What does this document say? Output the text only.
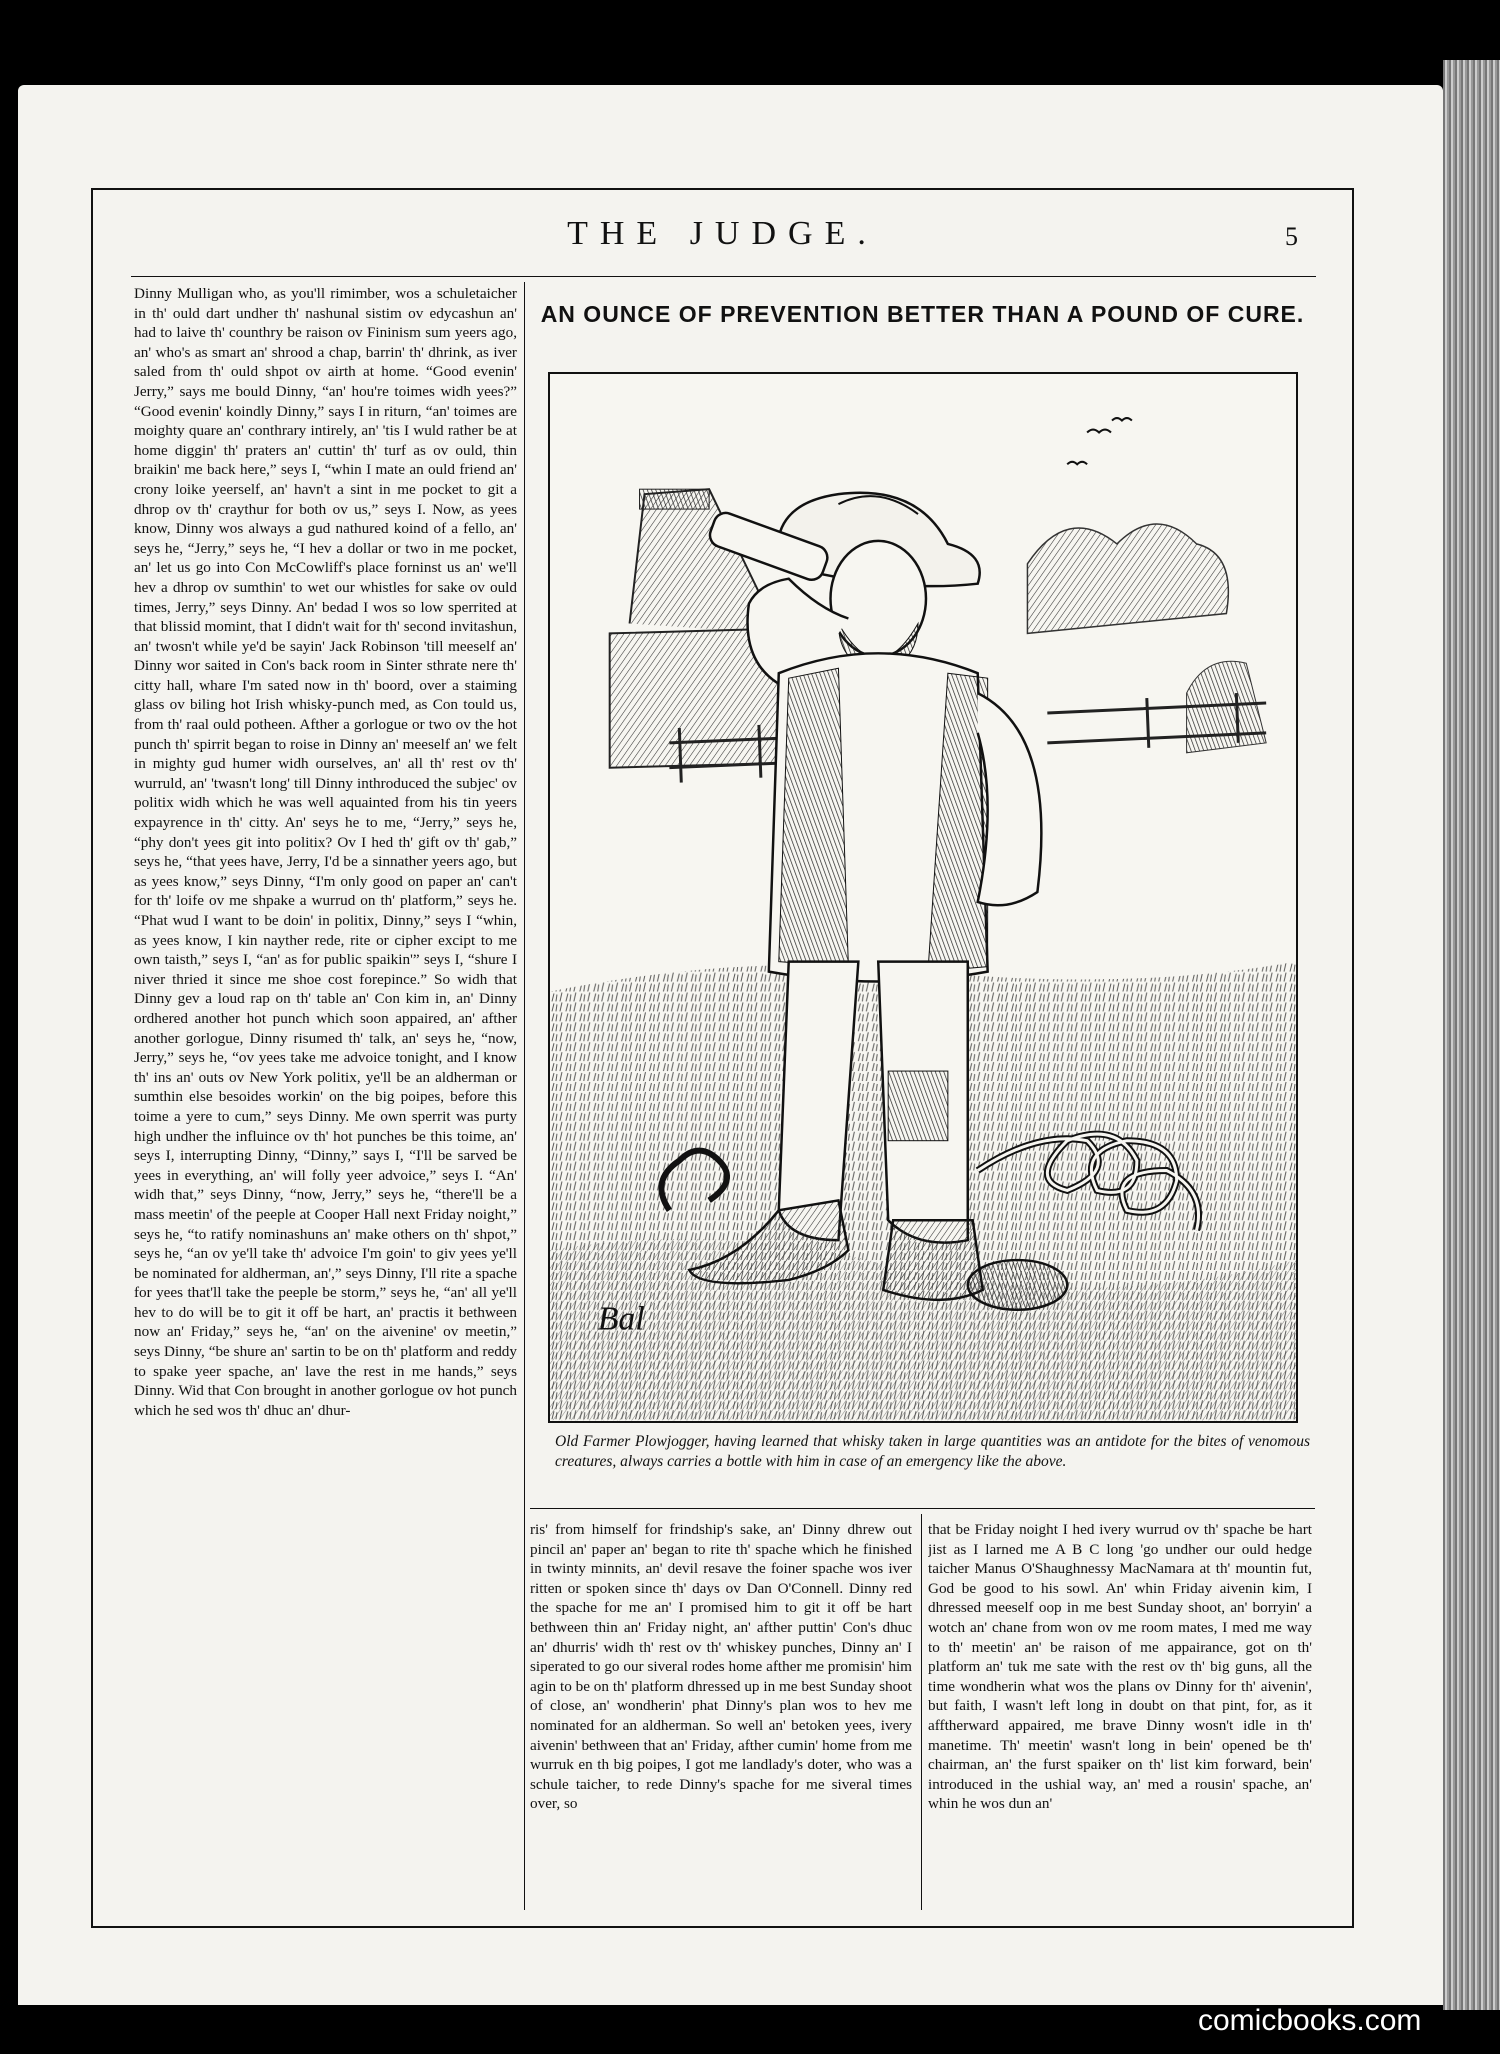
THE JUDGE.	5

Dinny Mulligan who, as you'll rimimber, wos a schuletaicher in th' ould dart undher th' nashunal sistim ov edycashun an' had to laive th' counthry be raison ov Fininism sum yeers ago, an' who's as smart an' shrood a chap, barrin' th' dhrink, as iver saled from th' ould shpot ov airth at home. “Good evenin' Jerry,” says me bould Dinny, “an' hou're toimes widh yees?” “Good evenin' koindly Dinny,” says I in riturn, “an' toimes are moighty quare an' conthrary intirely, an' 'tis I wuld rather be at home diggin' th' praters an' cuttin' th' turf as ov ould, thin braikin' me back here,” seys I, “whin I mate an ould friend an' crony loike yeerself, an' havn't a sint in me pocket to git a dhrop ov th' craythur for both ov us,” seys I. Now, as yees know, Dinny wos always a gud nathured koind of a fello, an' seys he, “Jerry,” seys he, “I hev a dollar or two in me pocket, an' let us go into Con McCowliff's place forninst us an' we'll hev a dhrop ov sumthin' to wet our whistles for sake ov ould times, Jerry,” seys Dinny. An' bedad I wos so low sperrited at that blissid momint, that I didn't wait for th' second invitashun, an' twosn't while ye'd be sayin' Jack Robinson 'till meeself an' Dinny wor saited in Con's back room in Sinter sthrate nere th' citty hall, whare I'm sated now in th' boord, over a staiming glass ov biling hot Irish whisky-punch med, as Con tould us, from th' raal ould potheen. Afther a gorlogue or two ov the hot punch th' spirrit began to roise in Dinny an' meeself an' we felt in mighty gud humer widh ourselves, an' all th' rest ov th' wurruld, an' 'twasn't long' till Dinny inthroduced the subjec' ov politix widh which he was well aquainted from his tin yeers expayrence in th' citty. An' seys he to me, “Jerry,” seys he, “phy don't yees git into politix? Ov I hed th' gift ov th' gab,” seys he, “that yees have, Jerry, I'd be a sinnather yeers ago, but as yees know,” seys Dinny, “I'm only good on paper an' can't for th' loife ov me shpake a wurrud on th' platform,” seys he. “Phat wud I want to be doin' in politix, Dinny,” seys I “whin, as yees know, I kin nayther rede, rite or cipher excipt to me own taisth,” seys I, “an' as for public spaikin'” seys I, “shure I niver thried it since me shoe cost forepince.” So widh that Dinny gev a loud rap on th' table an' Con kim in, an' Dinny ordhered another hot punch which soon appaired, an' afther another gorlogue, Dinny risumed th' talk, an' seys he, “now, Jerry,” seys he, “ov yees take me advoice tonight, and I know th' ins an' outs ov New York politix, ye'll be an aldherman or sumthin else besoides workin' on the big poipes, before this toime a yere to cum,” seys Dinny. Me own sperrit was purty high undher the influince ov th' hot punches be this toime, an' seys I, interrupting Dinny, “Dinny,” says I, “I'll be sarved be yees in everything, an' will folly yeer advoice,” seys I. “An' widh that,” seys Dinny, “now, Jerry,” seys he, “there'll be a mass meetin' of the peeple at Cooper Hall next Friday noight,” seys he, “to ratify nominashuns an' make others on th' shpot,” seys he, “an ov ye'll take th' advoice I'm goin' to giv yees ye'll be nominated for aldherman, an',” seys Dinny, I'll rite a spache for yees that'll take the peeple be storm,” seys he, “an' all ye'll hev to do will be to git it off be hart, an' practis it bethween now an' Friday,” seys he, “an' on the aivenine' ov meetin,” seys Dinny, “be shure an' sartin to be on th' platform and reddy to spake yeer spache, an' lave the rest in me hands,” seys Dinny. Wid that Con brought in another gorlogue ov hot punch which he sed wos th' dhuc an' dhur-

AN OUNCE OF PREVENTION BETTER THAN A POUND OF CURE.
Bal
Old Farmer Plowjogger, having learned that whisky taken in large quantities was an antidote for the bites of venomous creatures, always carries a bottle with him in case of an emergency like the above.

ris' from himself for frindship's sake, an' Dinny dhrew out pincil an' paper an' began to rite th' spache which he finished in twinty minnits, an' devil resave the foiner spache wos iver ritten or spoken since th' days ov Dan O'Connell. Dinny red the spache for me an' I promised him to git it off be hart bethween thin an' Friday night, an' afther puttin' Con's dhuc an' dhurris' widh th' rest ov th' whiskey punches, Dinny an' I siperated to go our siveral rodes home afther me promisin' him agin to be on th' platform dhressed up in me best Sunday shoot of close, an' wondherin' phat Dinny's plan wos to hev me nominated for an aldherman. So well an' betoken yees, ivery aivenin' bethween that an' Friday, afther cumin' home from me wurruk en th big poipes, I got me landlady's doter, who was a schule taicher, to rede Dinny's spache for me siveral times over, so

that be Friday noight I hed ivery wurrud ov th' spache be hart jist as I larned me A B C long 'go undher our ould hedge taicher Manus O'Shaughnessy MacNamara at th' mountin fut, God be good to his sowl. An' whin Friday aivenin kim, I dhressed meeself oop in me best Sunday shoot, an' borryin' a wotch an' chane from won ov me room mates, I med me way to th' meetin' an' be raison of me appairance, got on th' platform an' tuk me sate with the rest ov th' big guns, all the time wondherin what wos the plans ov Dinny for th' aivenin', but faith, I wasn't left long in doubt on that pint, for, as it afftherward appaired, me brave Dinny wosn't idle in th' manetime. Th' meetin' wasn't long in bein' opened be th' chairman, an' the furst spaiker on th' list kim forward, bein' introduced in the ushial way, an' med a rousin' spache, an' whin he wos dun an'

comicbooks.com
